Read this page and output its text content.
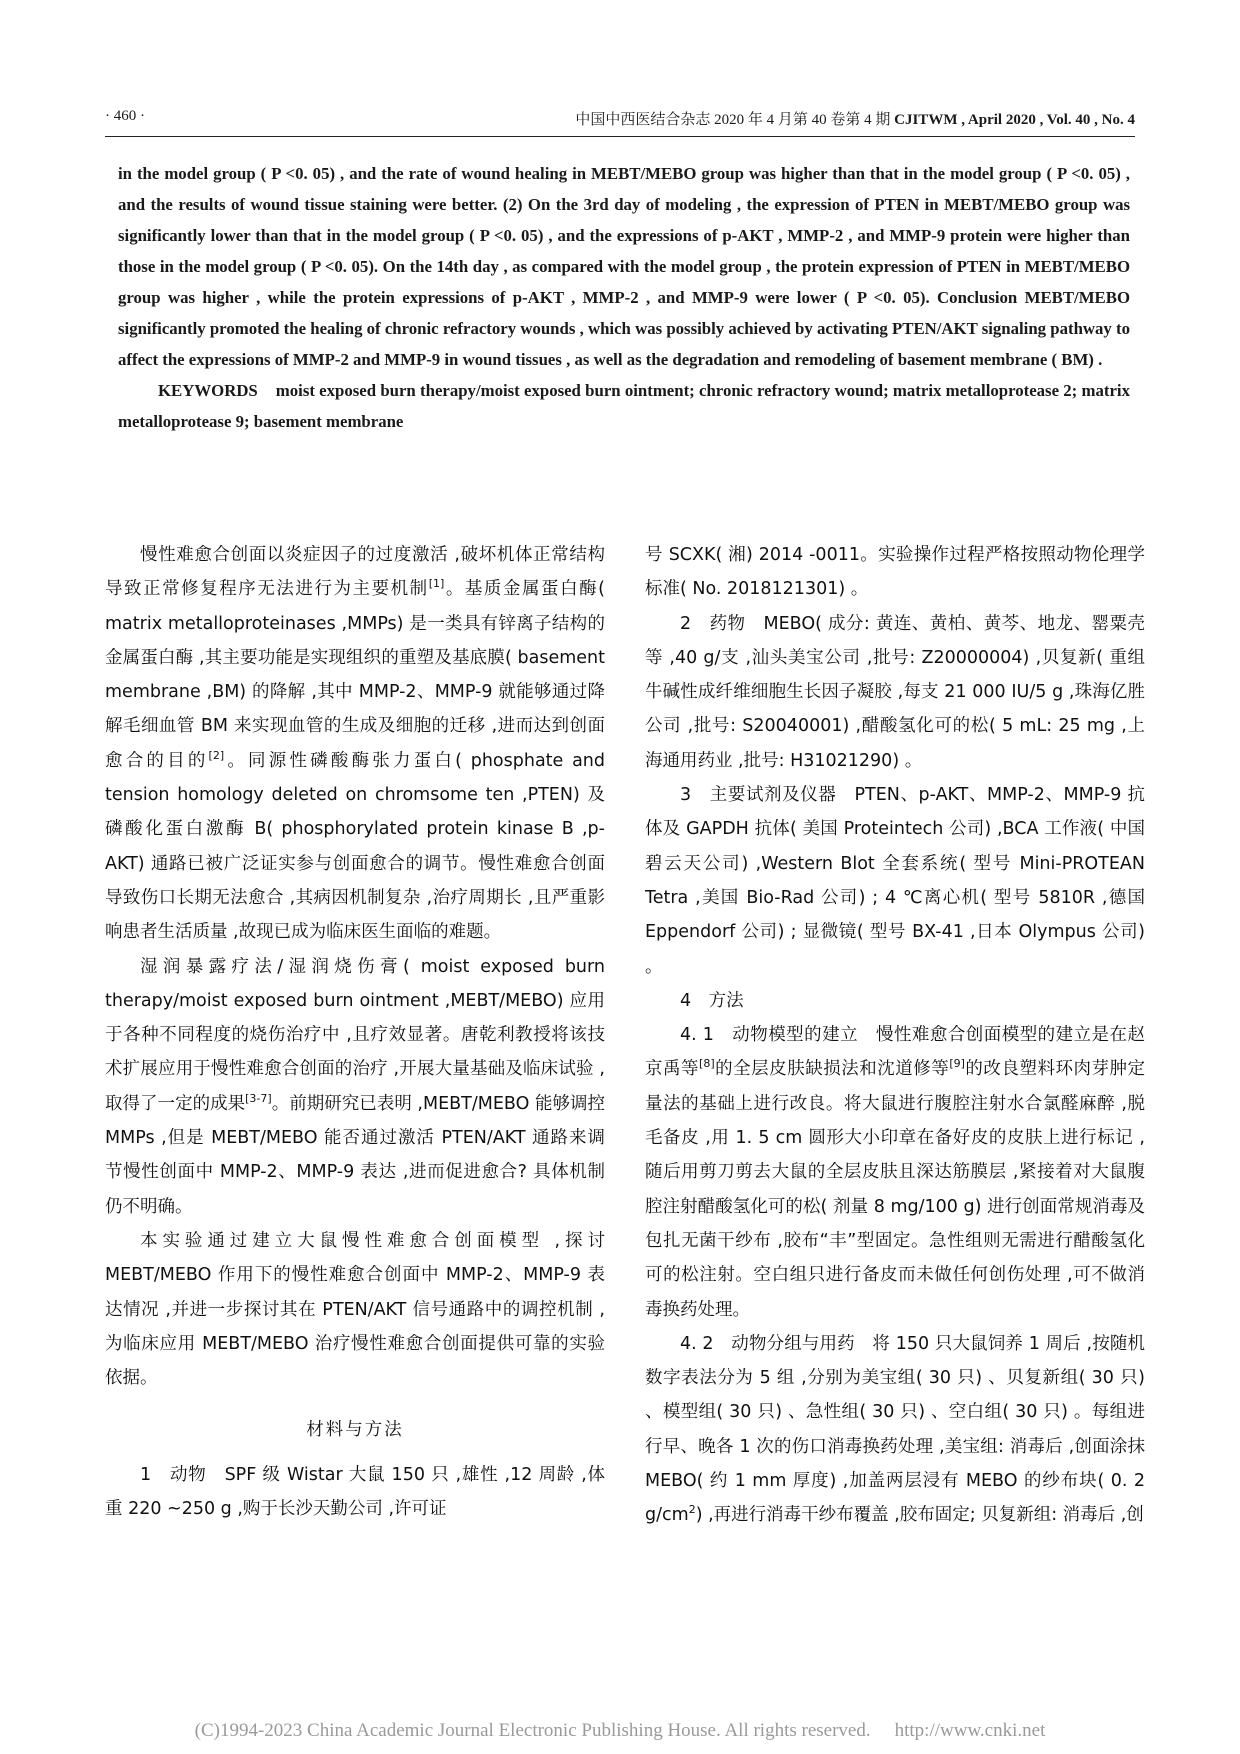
· 460 ·	中国中西医结合杂志 2020 年 4 月第 40 卷第 4 期 CJITWM , April 2020 , Vol. 40 , No. 4

in the model group ( P <0. 05) , and the rate of wound healing in MEBT/MEBO group was higher than that in the model group ( P <0. 05) , and the results of wound tissue staining were better. (2) On the 3rd day of modeling , the expression of PTEN in MEBT/MEBO group was significantly lower than that in the model group ( P <0. 05) , and the expressions of p-AKT , MMP-2 , and MMP-9 protein were higher than those in the model group ( P <0. 05). On the 14th day , as compared with the model group , the protein expression of PTEN in MEBT/MEBO group was higher , while the protein expressions of p-AKT , MMP-2 , and MMP-9 were lower ( P <0. 05). Conclusion MEBT/MEBO significantly promoted the healing of chronic refractory wounds , which was possibly achieved by activating PTEN/AKT signaling pathway to affect the expressions of MMP-2 and MMP-9 in wound tissues , as well as the degradation and remodeling of basement membrane ( BM) .

KEYWORDS moist exposed burn therapy/moist exposed burn ointment; chronic refractory wound; matrix metalloprotease 2; matrix metalloprotease 9; basement membrane

慢性难愈合创面以炎症因子的过度激活 ,破坏机体正常结构导致正常修复程序无法进行为主要机制[1]。基质金属蛋白酶( matrix metalloproteinases ,MMPs) 是一类具有锌离子结构的金属蛋白酶 ,其主要功能是实现组织的重塑及基底膜( basement membrane ,BM) 的降解 ,其中 MMP-2、MMP-9 就能够通过降解毛细血管 BM 来实现血管的生成及细胞的迁移 ,进而达到创面愈合的目的[2]。同源性磷酸酶张力蛋白( phosphate and tension homology deleted on chromsome ten ,PTEN) 及磷酸化蛋白激酶 B( phosphorylated protein kinase B ,p-AKT) 通路已被广泛证实参与创面愈合的调节。慢性难愈合创面导致伤口长期无法愈合 ,其病因机制复杂 ,治疗周期长 ,且严重影响患者生活质量 ,故现已成为临床医生面临的难题。

湿润暴露疗法/湿润烧伤膏( moist exposed burn therapy/moist exposed burn ointment ,MEBT/MEBO) 应用于各种不同程度的烧伤治疗中 ,且疗效显著。唐乾利教授将该技术扩展应用于慢性难愈合创面的治疗 ,开展大量基础及临床试验 ,取得了一定的成果[3-7]。前期研究已表明 ,MEBT/MEBO 能够调控 MMPs ,但是 MEBT/MEBO 能否通过激活 PTEN/AKT 通路来调节慢性创面中 MMP-2、MMP-9 表达 ,进而促进愈合? 具体机制仍不明确。

本实验通过建立大鼠慢性难愈合创面模型 ,探讨 MEBT/MEBO 作用下的慢性难愈合创面中 MMP-2、MMP-9 表达情况 ,并进一步探讨其在 PTEN/AKT 信号通路中的调控机制 ,为临床应用 MEBT/MEBO 治疗慢性难愈合创面提供可靠的实验依据。

材料与方法

1　动物　SPF 级 Wistar 大鼠 150 只 ,雄性 ,12 周龄 ,体重 220 ~250 g ,购于长沙天勤公司 ,许可证

号 SCXK( 湘) 2014 -0011。实验操作过程严格按照动物伦理学标准( No. 2018121301) 。

2　药物　MEBO( 成分: 黄连、黄柏、黄芩、地龙、罂粟壳等 ,40 g/支 ,汕头美宝公司 ,批号: Z20000004) ,贝复新( 重组牛碱性成纤维细胞生长因子凝胶 ,每支 21 000 IU/5 g ,珠海亿胜公司 ,批号: S20040001) ,醋酸氢化可的松( 5 mL: 25 mg ,上海通用药业 ,批号: H31021290) 。

3　主要试剂及仪器　PTEN、p-AKT、MMP-2、MMP-9 抗体及 GAPDH 抗体( 美国 Proteintech 公司) ,BCA 工作液( 中国碧云天公司) ,Western Blot 全套系统( 型号 Mini-PROTEAN Tetra ,美国 Bio-Rad 公司) ; 4 ℃离心机( 型号 5810R ,德国 Eppendorf 公司) ; 显微镜( 型号 BX-41 ,日本 Olympus 公司) 。

4　方法

4. 1　动物模型的建立　慢性难愈合创面模型的建立是在赵京禹等[8]的全层皮肤缺损法和沈道修等[9]的改良塑料环肉芽肿定量法的基础上进行改良。将大鼠进行腹腔注射水合氯醛麻醉 ,脱毛备皮 ,用 1. 5 cm 圆形大小印章在备好皮的皮肤上进行标记 ,随后用剪刀剪去大鼠的全层皮肤且深达筋膜层 ,紧接着对大鼠腹腔注射醋酸氢化可的松( 剂量 8 mg/100 g) 进行创面常规消毒及包扎无菌干纱布 ,胶布“丰”型固定。急性组则无需进行醋酸氢化可的松注射。空白组只进行备皮而未做任何创伤处理 ,可不做消毒换药处理。

4. 2　动物分组与用药　将 150 只大鼠饲养 1 周后 ,按随机数字表法分为 5 组 ,分别为美宝组( 30 只) 、贝复新组( 30 只) 、模型组( 30 只) 、急性组( 30 只) 、空白组( 30 只) 。每组进行早、晚各 1 次的伤口消毒换药处理 ,美宝组: 消毒后 ,创面涂抹 MEBO( 约 1 mm 厚度) ,加盖两层浸有 MEBO 的纱布块( 0. 2 $g/cm^2$) ,再进行消毒干纱布覆盖 ,胶布固定; 贝复新组: 消毒后 ,创

(C)1994-2023 China Academic Journal Electronic Publishing House. All rights reserved. http://www.cnki.net
